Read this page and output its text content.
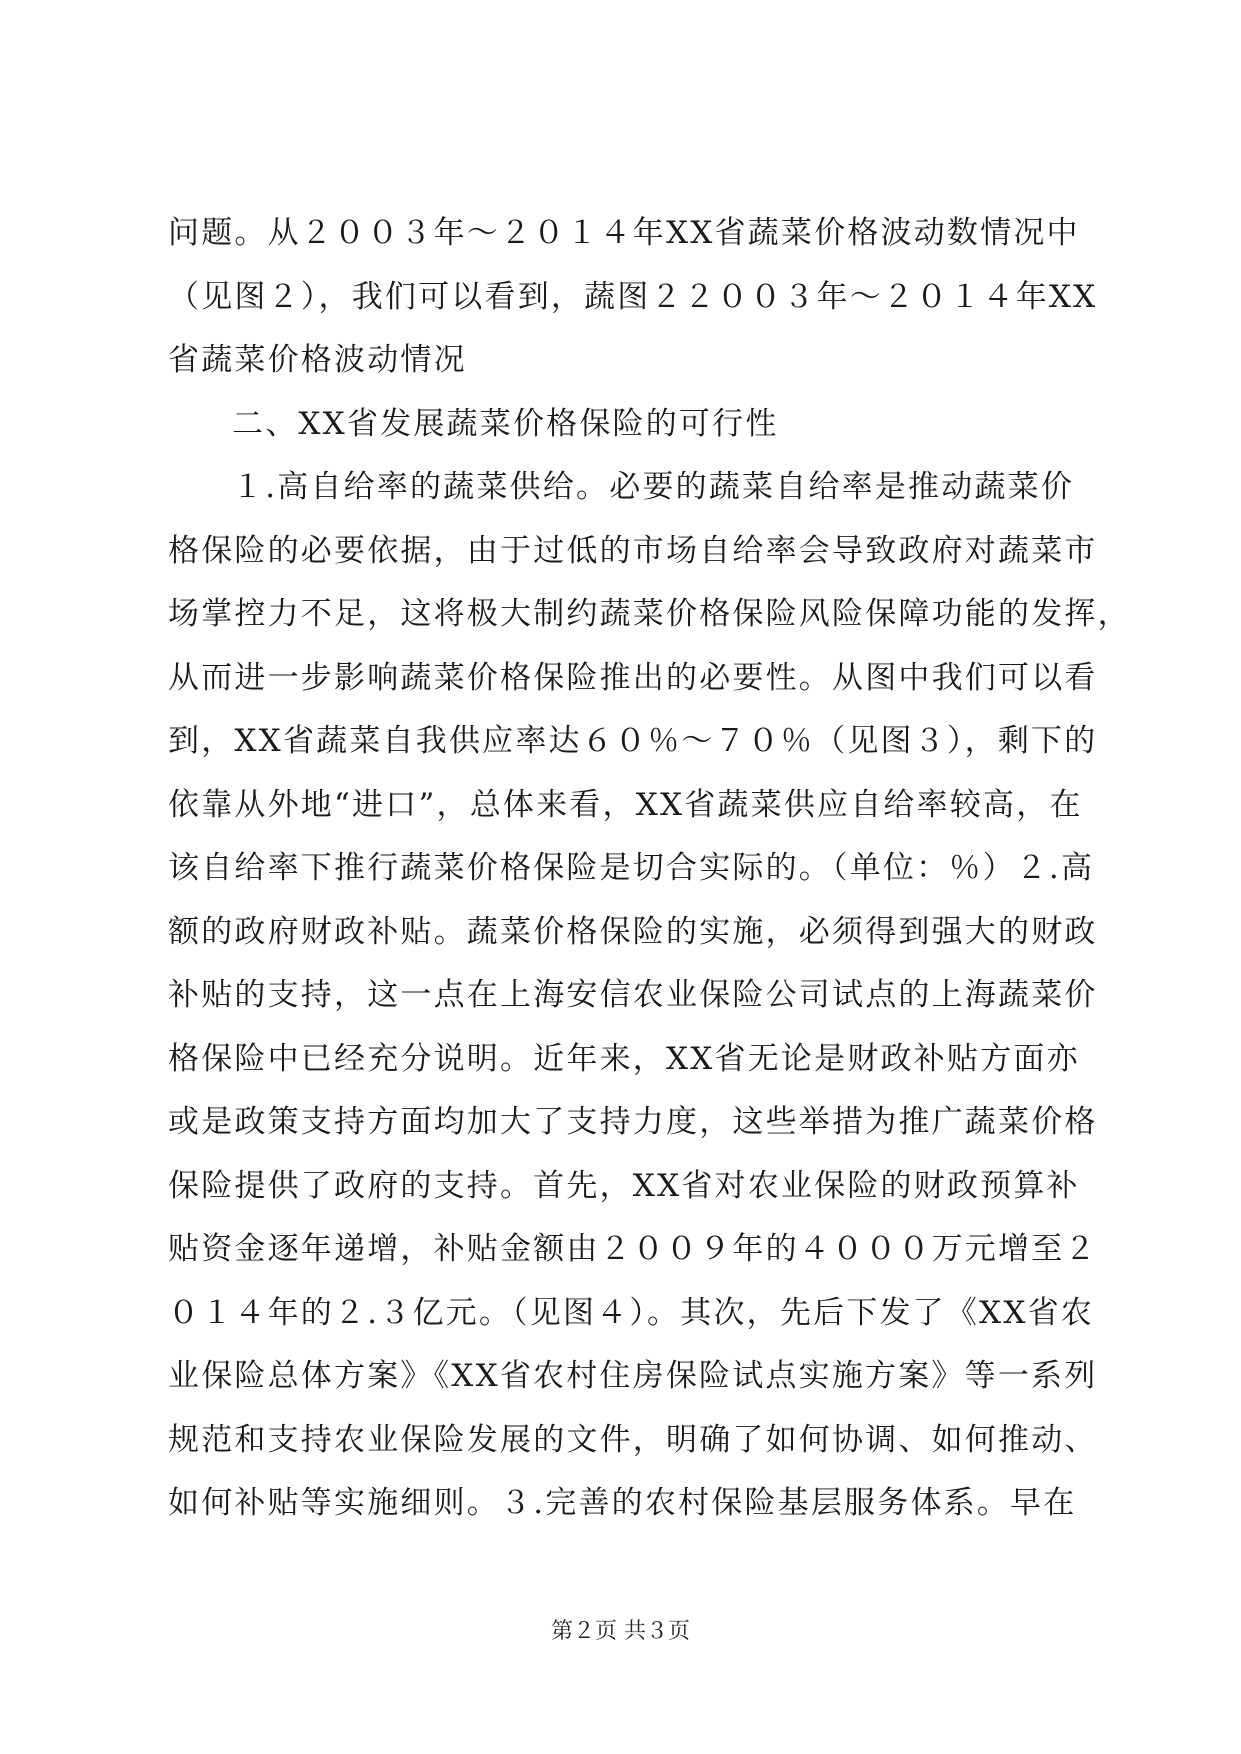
问题。从２００３年～２０１４年XX省蔬菜价格波动数情况中
（见图２），我们可以看到，蔬图２２００３年～２０１４年XX
省蔬菜价格波动情况
二、XX省发展蔬菜价格保险的可行性
１.高自给率的蔬菜供给。必要的蔬菜自给率是推动蔬菜价
格保险的必要依据，由于过低的市场自给率会导致政府对蔬菜市
场掌控力不足，这将极大制约蔬菜价格保险风险保障功能的发挥，
从而进一步影响蔬菜价格保险推出的必要性。从图中我们可以看
到，XX省蔬菜自我供应率达６０％～７０％（见图３），剩下的
依靠从外地“进口”，总体来看，XX省蔬菜供应自给率较高，在
该自给率下推行蔬菜价格保险是切合实际的。（单位：％）２.高
额的政府财政补贴。蔬菜价格保险的实施，必须得到强大的财政
补贴的支持，这一点在上海安信农业保险公司试点的上海蔬菜价
格保险中已经充分说明。近年来，XX省无论是财政补贴方面亦
或是政策支持方面均加大了支持力度，这些举措为推广蔬菜价格
保险提供了政府的支持。首先，XX省对农业保险的财政预算补
贴资金逐年递增，补贴金额由２００９年的４０００万元增至２
０１４年的２.３亿元。（见图４）。其次，先后下发了《XX省农
业保险总体方案》《XX省农村住房保险试点实施方案》等一系列
规范和支持农业保险发展的文件，明确了如何协调、如何推动、
如何补贴等实施细则。３.完善的农村保险基层服务体系。早在
第２页 共３页
